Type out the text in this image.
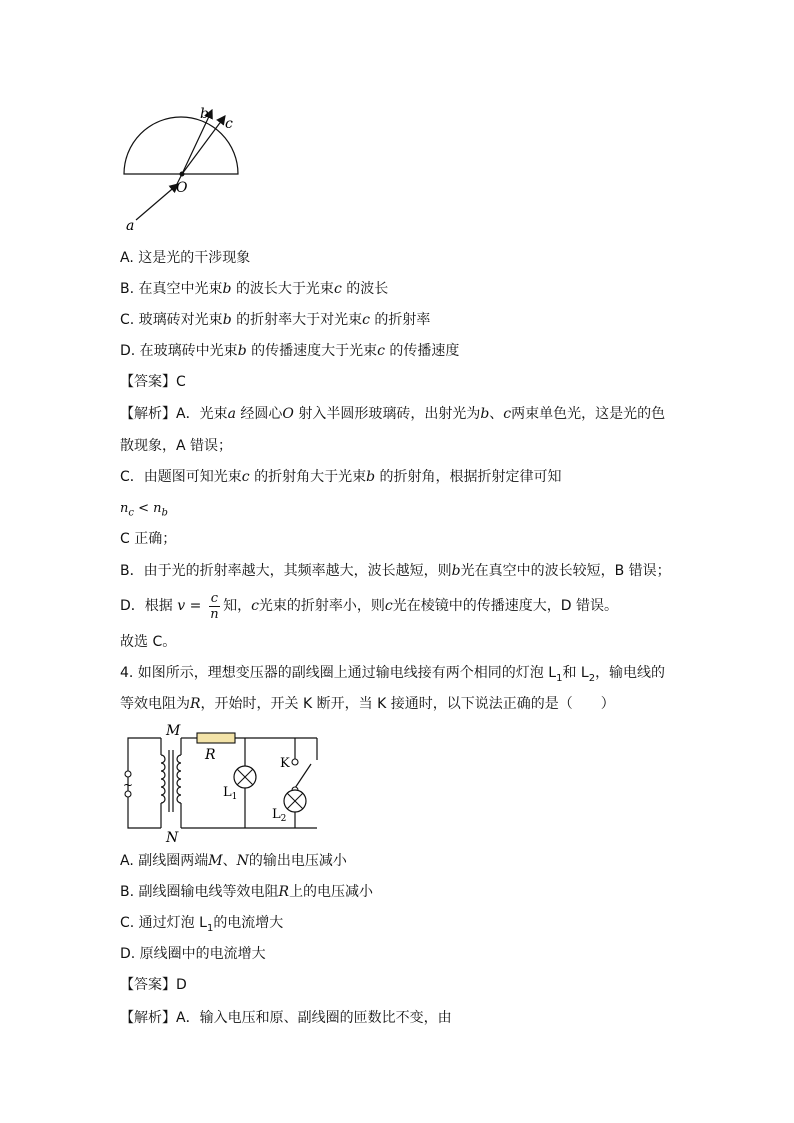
b
c
O
a
A. 这是光的干涉现象
B. 在真空中光束b 的波长大于光束c 的波长
C. 玻璃砖对光束b 的折射率大于对光束c 的折射率
D. 在玻璃砖中光束b 的传播速度大于光束c 的传播速度
【答案】C
【解析】A．光束a 经圆心O 射入半圆形玻璃砖，出射光为b、c两束单色光，这是光的色
散现象，A 错误；
C．由题图可知光束c 的折射角大于光束b 的折射角，根据折射定律可知
$n_c < n_b$
C 正确；
B．由于光的折射率越大，其频率越大，波长越短，则b光在真空中的波长较短，B 错误；
D．根据 $v = \frac{c}{n}$ 知，c光束的折射率小，则c光在棱镜中的传播速度大，D 错误。
故选 C。
4. 如图所示，理想变压器的副线圈上通过输电线接有两个相同的灯泡 $L_1$和 $L_2$，输电线的
等效电阻为R，开始时，开关 K 断开，当 K 接通时，以下说法正确的是（　　）
~
M
N
R
K
$L_1$
$L_2$
A. 副线圈两端M、N的输出电压减小
B. 副线圈输电线等效电阻R上的电压减小
C. 通过灯泡 $L_1$的电流增大
D. 原线圈中的电流增大
【答案】D
【解析】A．输入电压和原、副线圈的匝数比不变，由
